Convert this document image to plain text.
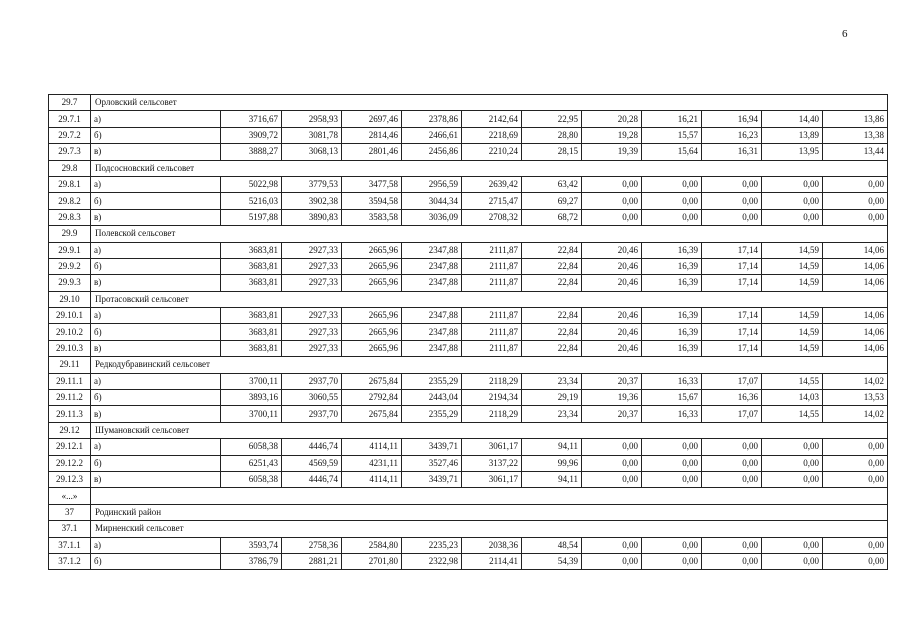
6
29.7	Орловский сельсовет											
29.7.1	а)	3716,67	2958,93	2697,46	2378,86	2142,64	22,95	20,28	16,21	16,94	14,40	13,86
29.7.2	б)	3909,72	3081,78	2814,46	2466,61	2218,69	28,80	19,28	15,57	16,23	13,89	13,38
29.7.3	в)	3888,27	3068,13	2801,46	2456,86	2210,24	28,15	19,39	15,64	16,31	13,95	13,44
29.8	Подсосновский сельсовет											
29.8.1	а)	5022,98	3779,53	3477,58	2956,59	2639,42	63,42	0,00	0,00	0,00	0,00	0,00
29.8.2	б)	5216,03	3902,38	3594,58	3044,34	2715,47	69,27	0,00	0,00	0,00	0,00	0,00
29.8.3	в)	5197,88	3890,83	3583,58	3036,09	2708,32	68,72	0,00	0,00	0,00	0,00	0,00
29.9	Полевской сельсовет											
29.9.1	а)	3683,81	2927,33	2665,96	2347,88	2111,87	22,84	20,46	16,39	17,14	14,59	14,06
29.9.2	б)	3683,81	2927,33	2665,96	2347,88	2111,87	22,84	20,46	16,39	17,14	14,59	14,06
29.9.3	в)	3683,81	2927,33	2665,96	2347,88	2111,87	22,84	20,46	16,39	17,14	14,59	14,06
29.10	Протасовский сельсовет											
29.10.1	а)	3683,81	2927,33	2665,96	2347,88	2111,87	22,84	20,46	16,39	17,14	14,59	14,06
29.10.2	б)	3683,81	2927,33	2665,96	2347,88	2111,87	22,84	20,46	16,39	17,14	14,59	14,06
29.10.3	в)	3683,81	2927,33	2665,96	2347,88	2111,87	22,84	20,46	16,39	17,14	14,59	14,06
29.11	Редкодубравинский сельсовет											
29.11.1	а)	3700,11	2937,70	2675,84	2355,29	2118,29	23,34	20,37	16,33	17,07	14,55	14,02
29.11.2	б)	3893,16	3060,55	2792,84	2443,04	2194,34	29,19	19,36	15,67	16,36	14,03	13,53
29.11.3	в)	3700,11	2937,70	2675,84	2355,29	2118,29	23,34	20,37	16,33	17,07	14,55	14,02
29.12	Шумановский сельсовет											
29.12.1	а)	6058,38	4446,74	4114,11	3439,71	3061,17	94,11	0,00	0,00	0,00	0,00	0,00
29.12.2	б)	6251,43	4569,59	4231,11	3527,46	3137,22	99,96	0,00	0,00	0,00	0,00	0,00
29.12.3	в)	6058,38	4446,74	4114,11	3439,71	3061,17	94,11	0,00	0,00	0,00	0,00	0,00
«...»												
37	Родинский район											
37.1	Мирненский сельсовет											
37.1.1	а)	3593,74	2758,36	2584,80	2235,23	2038,36	48,54	0,00	0,00	0,00	0,00	0,00
37.1.2	б)	3786,79	2881,21	2701,80	2322,98	2114,41	54,39	0,00	0,00	0,00	0,00	0,00
